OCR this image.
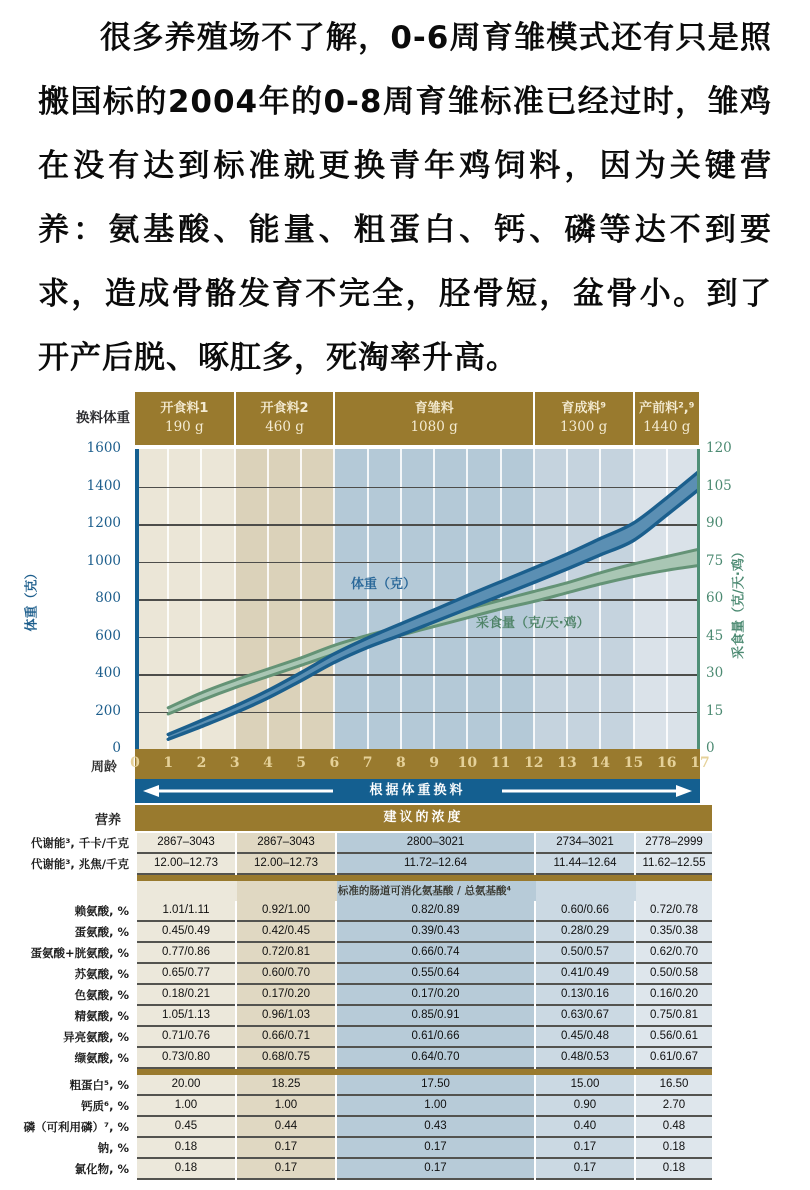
很多养殖场不了解，0-6周育雏模式还有只是照搬国标的2004年的0-8周育雏标准已经过时，雏鸡在没有达到标准就更换青年鸡饲料，因为关键营养：氨基酸、能量、粗蛋白、钙、磷等达不到要求，造成骨骼发育不完全，胫骨短，盆骨小。到了开产后脱、啄肛多，死淘率升高。

换料体重
开食料1
190 g
开食料2
460 g
育雏料
1080 g
育成料⁹
1300 g
产前料²,⁹
1440 g
体重（克）
采食量（克/天·鸡）
0
200
400
600
800
1000
1200
1400
1600
0
15
30
45
60
75
90
105
120
体重（克）	采食量（克/天·鸡）
周龄 0 1 2 3 4 5 6 7 8 9 10 11 12 13 14 15 16 17
根据体重换料
营养	建议的浓度
代谢能³, 千卡/千克	2867–3043	2867–3043	2800–3021	2734–3021	2778–2999
代谢能³, 兆焦/千克	12.00–12.73	12.00–12.73	11.72–12.64	11.44–12.64	11.62–12.55
标准的肠道可消化氨基酸 / 总氨基酸⁴
赖氨酸, %	1.01/1.11	0.92/1.00	0.82/0.89	0.60/0.66	0.72/0.78
蛋氨酸, %	0.45/0.49	0.42/0.45	0.39/0.43	0.28/0.29	0.35/0.38
蛋氨酸+胱氨酸, %	0.77/0.86	0.72/0.81	0.66/0.74	0.50/0.57	0.62/0.70
苏氨酸, %	0.65/0.77	0.60/0.70	0.55/0.64	0.41/0.49	0.50/0.58
色氨酸, %	0.18/0.21	0.17/0.20	0.17/0.20	0.13/0.16	0.16/0.20
精氨酸, %	1.05/1.13	0.96/1.03	0.85/0.91	0.63/0.67	0.75/0.81
异亮氨酸, %	0.71/0.76	0.66/0.71	0.61/0.66	0.45/0.48	0.56/0.61
缬氨酸, %	0.73/0.80	0.68/0.75	0.64/0.70	0.48/0.53	0.61/0.67
粗蛋白⁵, %	20.00	18.25	17.50	15.00	16.50
钙质⁶, %	1.00	1.00	1.00	0.90	2.70
磷（可利用磷）⁷, %	0.45	0.44	0.43	0.40	0.48
钠, %	0.18	0.17	0.17	0.17	0.18
氯化物, %	0.18	0.17	0.17	0.17	0.18
